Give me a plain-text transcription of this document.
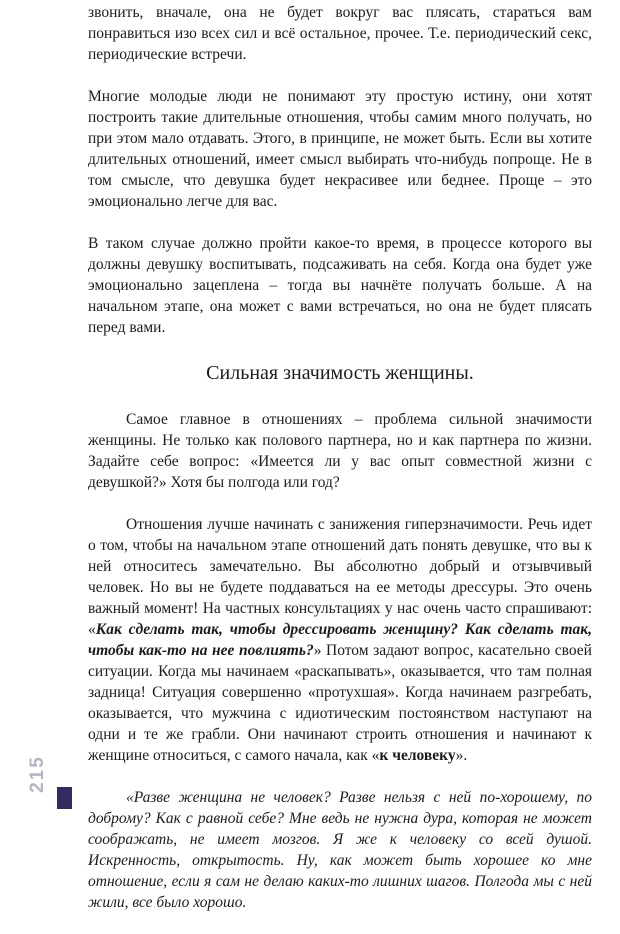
звонить, вначале, она не будет вокруг вас плясать, стараться вам понравиться изо всех сил и всё остальное, прочее. Т.е. периодический секс, периодические встречи.

Многие молодые люди не понимают эту простую истину, они хотят построить такие длительные отношения, чтобы самим много получать, но при этом мало отдавать. Этого, в принципе, не может быть. Если вы хотите длительных отношений, имеет смысл выбирать что-нибудь попроще. Не в том смысле, что девушка будет некрасивее или беднее. Проще – это эмоционально легче для вас.

В таком случае должно пройти какое-то время, в процессе которого вы должны девушку воспитывать, подсаживать на себя. Когда она будет уже эмоционально зацеплена – тогда вы начнёте получать больше. А на начальном этапе, она может с вами встречаться, но она не будет плясать перед вами.

Сильная значимость женщины.

Самое главное в отношениях – проблема сильной значимости женщины. Не только как полового партнера, но и как партнера по жизни. Задайте себе вопрос: «Имеется ли у вас опыт совместной жизни с девушкой?» Хотя бы полгода или год?

Отношения лучше начинать с занижения гиперзначимости. Речь идет о том, чтобы на начальном этапе отношений дать понять девушке, что вы к ней относитесь замечательно. Вы абсолютно добрый и отзывчивый человек. Но вы не будете поддаваться на ее методы дрессуры. Это очень важный момент! На частных консультациях у нас очень часто спрашивают: «Как сделать так, чтобы дрессировать женщину? Как сделать так, чтобы как-то на нее повлиять?» Потом задают вопрос, касательно своей ситуации. Когда мы начинаем «раскапывать», оказывается, что там полная задница! Ситуация совершенно «протухшая». Когда начинаем разгребать, оказывается, что мужчина с идиотическим постоянством наступают на одни и те же грабли. Они начинают строить отношения и начинают к женщине относиться, с самого начала, как «к человеку».

«Разве женщина не человек? Разве нельзя с ней по-хорошему, по доброму? Как с равной себе? Мне ведь не нужна дура, которая не может соображать, не имеет мозгов. Я же к человеку со всей душой. Искренность, открытость. Ну, как может быть хорошее ко мне отношение, если я сам не делаю каких-то лишних шагов. Полгода мы с ней жили, все было хорошо.

215
